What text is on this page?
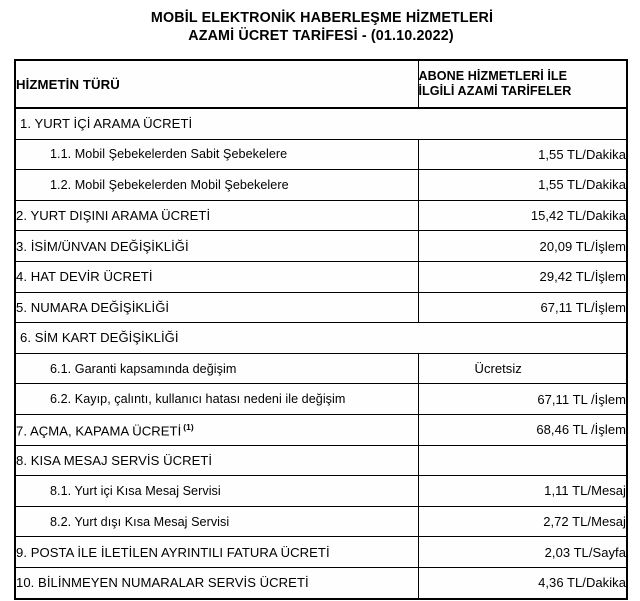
MOBİL ELEKTRONİK HABERLEŞME HİZMETLERİ
AZAMİ ÜCRET TARİFESİ - (01.10.2022)
HİZMETİN TÜRÜ	ABONE HİZMETLERİ İLE
İLGİLİ AZAMİ TARİFELER

1. YURT İÇİ ARAMA ÜCRETİ	
1.1. Mobil Şebekelerden Sabit Şebekelere	1,55 TL/Dakika
1.2. Mobil Şebekelerden Mobil Şebekelere	1,55 TL/Dakika
2. YURT DIŞINI ARAMA ÜCRETİ	15,42 TL/Dakika
3. İSİM/ÜNVAN DEĞİŞİKLİĞİ	20,09 TL/İşlem
4. HAT DEVİR ÜCRETİ	29,42 TL/İşlem
5. NUMARA DEĞİŞİKLİĞİ	67,11 TL/İşlem
6. SİM KART DEĞİŞİKLİĞİ	
6.1. Garanti kapsamında değişim	Ücretsiz
6.2. Kayıp, çalıntı, kullanıcı hatası nedeni ile değişim	67,11 TL /İşlem
7. AÇMA, KAPAMA ÜCRETİ $^{(1)}$	68,46 TL /İşlem
8. KISA MESAJ SERVİS ÜCRETİ	
8.1. Yurt içi Kısa Mesaj Servisi	1,11 TL/Mesaj
8.2. Yurt dışı Kısa Mesaj Servisi	2,72 TL/Mesaj
9. POSTA İLE İLETİLEN AYRINTILI FATURA ÜCRETİ	2,03 TL/Sayfa
10. BİLİNMEYEN NUMARALAR SERVİS ÜCRETİ	4,36 TL/Dakika
